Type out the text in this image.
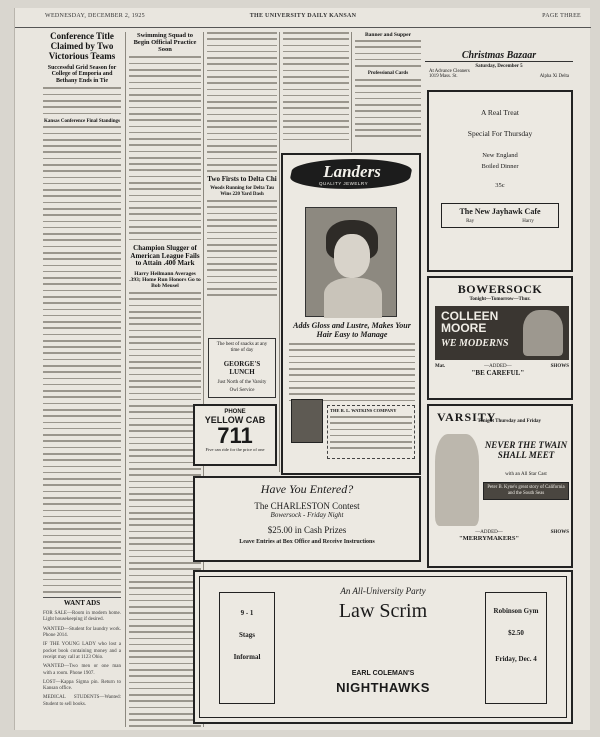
WEDNESDAY, DECEMBER 2, 1925	THE UNIVERSITY DAILY KANSAN	PAGE THREE
Conference Title Claimed by Two Victorious Teams
Successful Grid Season for College of Emporia and Bethany Ends in Tie
Kansas Conference Final Standings
WANT ADS

FOR SALE—Room in modern home. Light housekeeping if desired.

WANTED—Student for laundry work. Phone 2014.

IF THE YOUNG LADY who lost a pocket book containing money and a receipt may call at 1123 Ohio.

WANTED—Two men or one man with a room. Phone 1907.

LOST—Kappa Sigma pin. Return to Kansan office.

MEDICAL STUDENTS—Wanted: Student to sell books.

Swimming Squad to Begin Official Practice Soon
Champion Slugger of American League Fails to Attain .400 Mark
Harry Heilmann Averages .393; Home Run Honors Go to Bob Meusel
Two Firsts to Delta Chi
Woods Running for Delta Tau Wins 220 Yard Dash
The best of snacks at any time of day
GEORGE'S LUNCH
Just North of the Varsity
Owl Service
PHONE
YELLOW CAB
711
Five can ride for the price of one
Banner and Supper
Professional Cards
Landers
QUALITY JEWELRY
Adds Gloss and Lustre, Makes Your Hair Easy to Manage
THE R. L. WATKINS COMPANY
Christmas Bazaar
Saturday, December 5
At Advance Cleaners
1019 Mass. St.	Alpha Xi Delta
A Real Treat
Special For Thursday
New England
Boiled Dinner
35c
The New Jayhawk Cafe
Ray	Harry
BOWERSOCK
Tonight—Tomorrow—Thur.
COLLEEN MOORE
WE MODERNS
Mat.	—ADDED—
"BE CAREFUL"
SHOWS
VARSITY
Tonight Thursday and Friday
NEVER THE TWAIN SHALL MEET
with an All Star Cast
Peter B. Kyne's great story of California and the South Seas
—ADDED—
"MERRYMAKERS"
SHOWS
Have You Entered?
The CHARLESTON Contest
Bowersock - Friday Night
$25.00 in Cash Prizes
Leave Entries at Box Office and Receive Instructions
An All-University Party
Law Scrim
9 - 1
Stags
Informal
Robinson Gym
$2.50
Friday, Dec. 4
EARL COLEMAN'S
NIGHTHAWKS
